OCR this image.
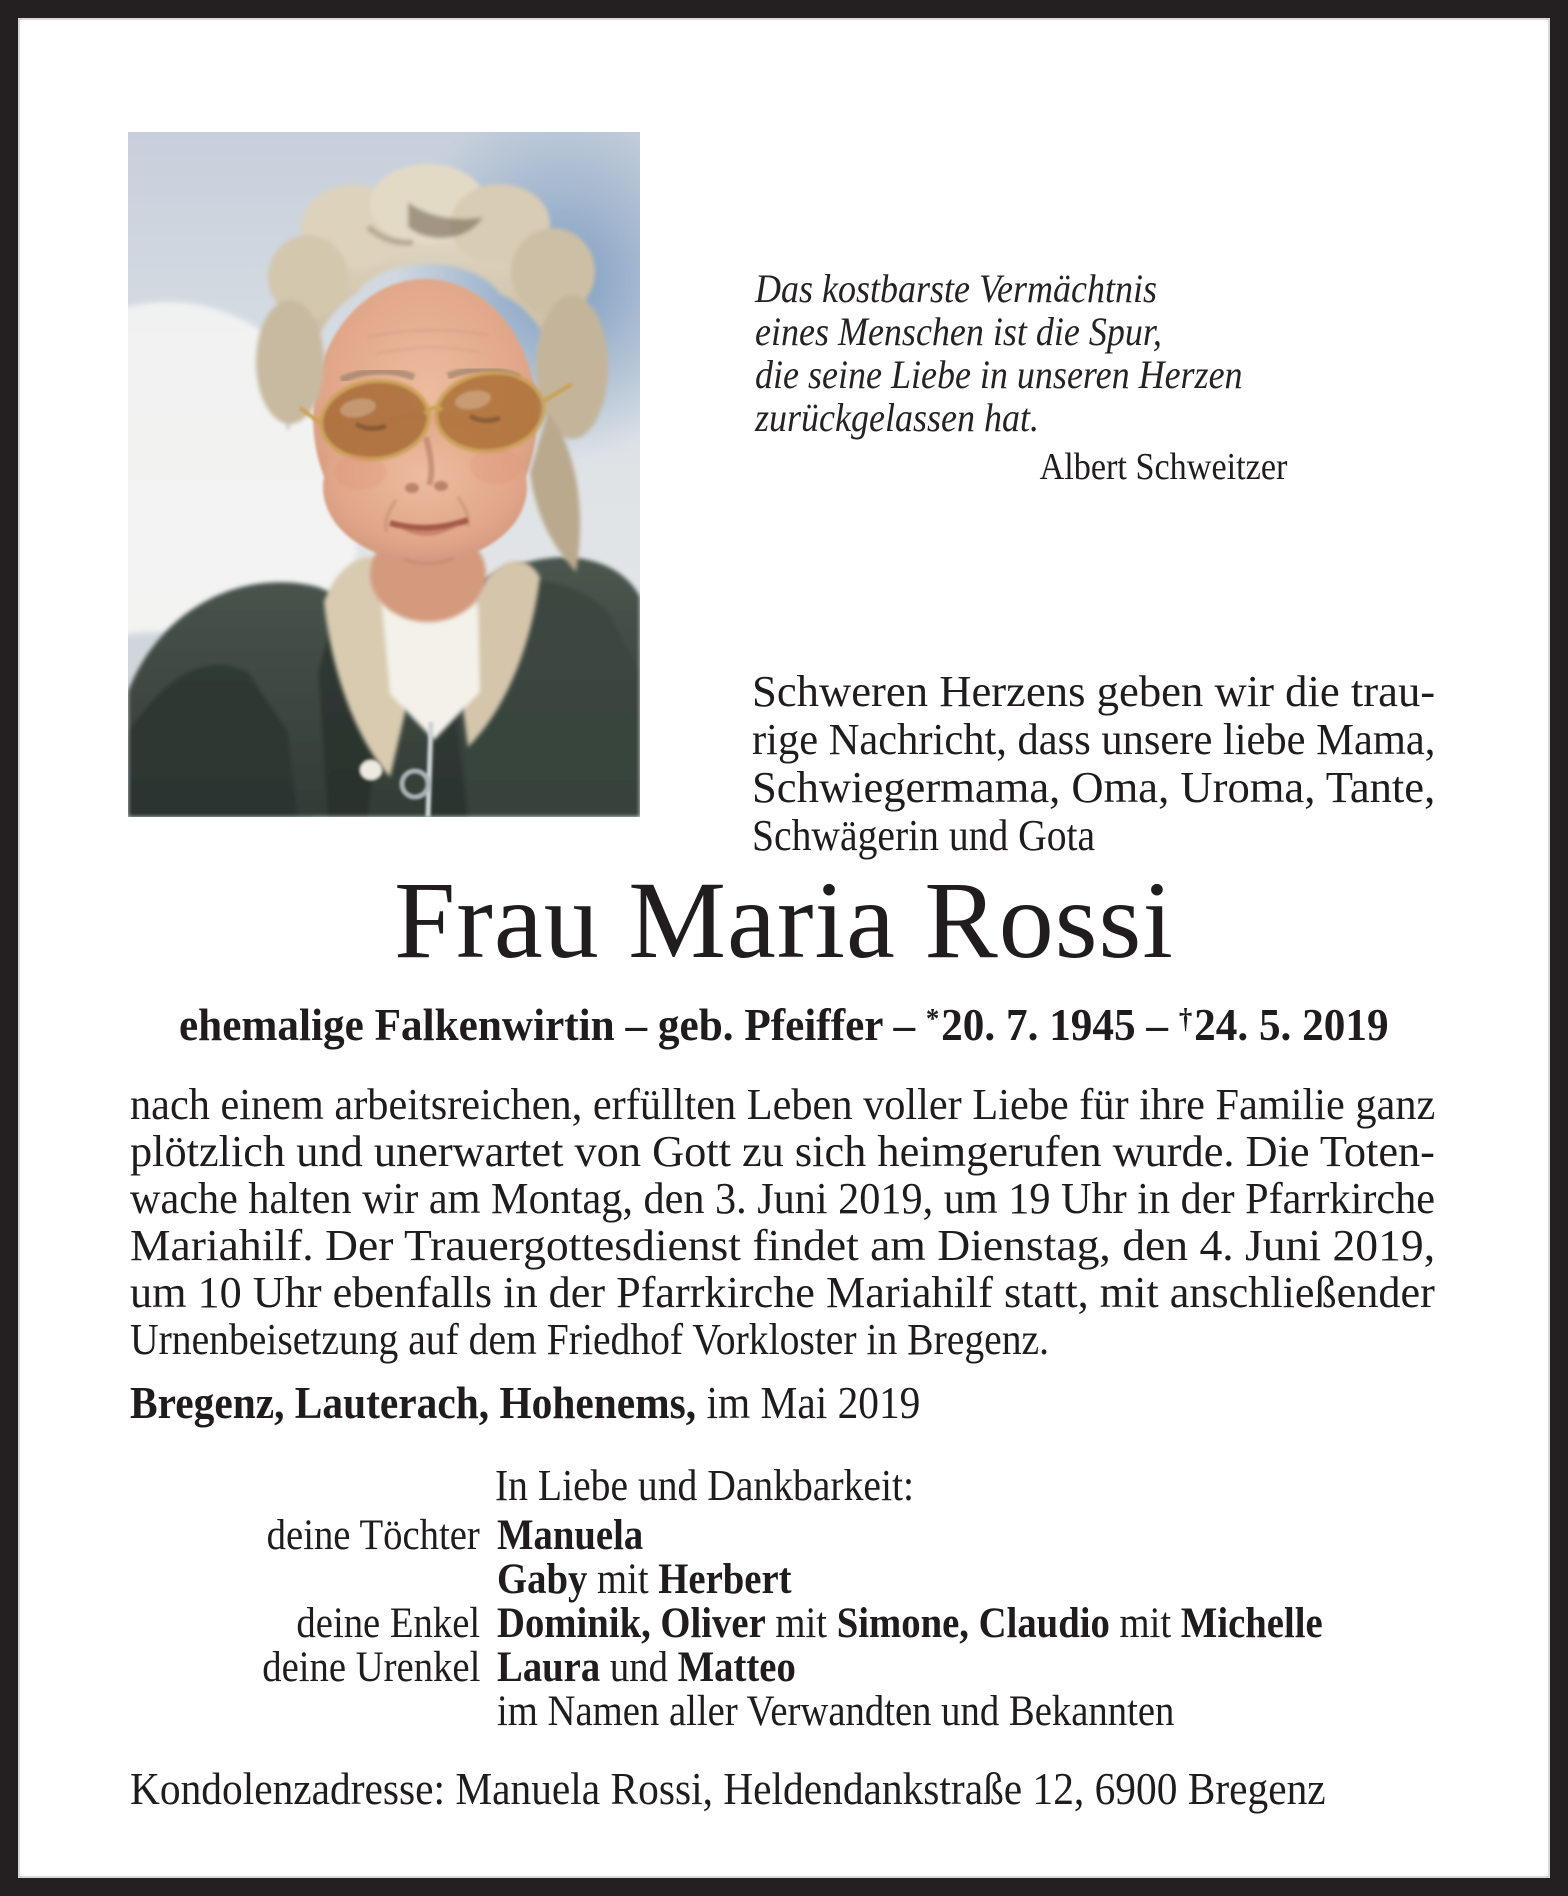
Das kostbarste Vermächtnis
eines Menschen ist die Spur,
die seine Liebe in unseren Herzen
zurückgelassen hat.
Albert Schweitzer
Schweren Herzens geben wir die trau-
rige Nachricht, dass unsere liebe Mama,
Schwiegermama, Oma, Uroma, Tante,
Schwägerin und Gota
Frau Maria Rossi
ehemalige Falkenwirtin – geb. Pfeiffer – *20. 7. 1945 – †24. 5. 2019
nach einem arbeitsreichen, erfüllten Leben voller Liebe für ihre Familie ganz
plötzlich und unerwartet von Gott zu sich heimgerufen wurde. Die Toten-
wache halten wir am Montag, den 3. Juni 2019, um 19 Uhr in der Pfarrkirche
Mariahilf. Der Trauergottesdienst findet am Dienstag, den 4. Juni 2019,
um 10 Uhr ebenfalls in der Pfarrkirche Mariahilf statt, mit anschließender
Urnenbeisetzung auf dem Friedhof Vorkloster in Bregenz.
Bregenz, Lauterach, Hohenems, im Mai 2019
In Liebe und Dankbarkeit:
deine Töchter Manuela
Gaby mit Herbert
deine Enkel Dominik, Oliver mit Simone, Claudio mit Michelle
deine Urenkel Laura und Matteo
im Namen aller Verwandten und Bekannten
Kondolenzadresse: Manuela Rossi, Heldendankstraße 12, 6900 Bregenz
